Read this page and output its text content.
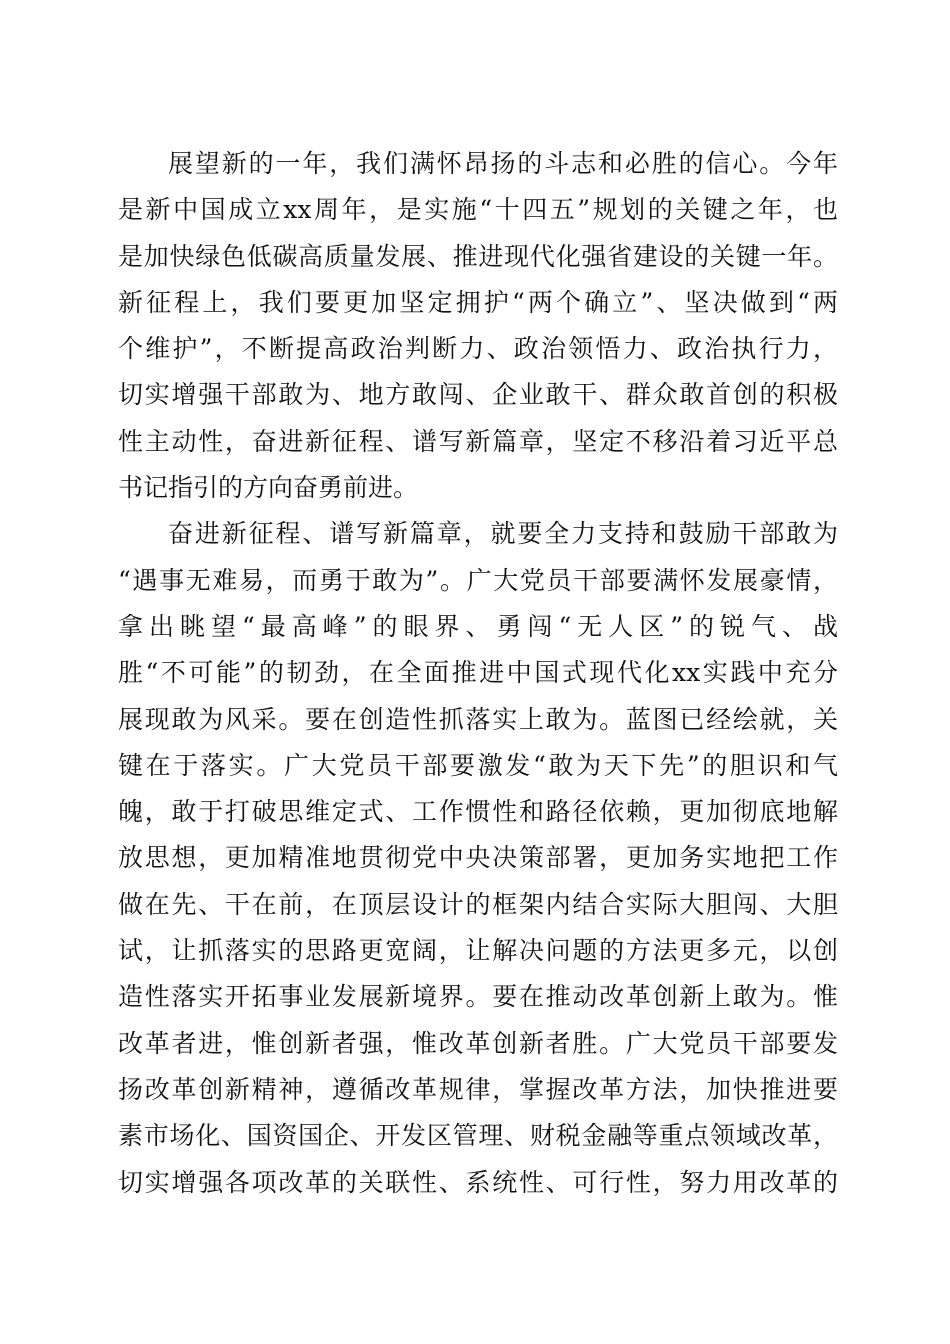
展望新的一年，我们满怀昂扬的斗志和必胜的信心。今年
是新中国成立xx周年，是实施“十四五”规划的关键之年，也
是加快绿色低碳高质量发展、推进现代化强省建设的关键一年。
新征程上，我们要更加坚定拥护“两个确立”、坚决做到“两
个维护”，不断提高政治判断力、政治领悟力、政治执行力，
切实增强干部敢为、地方敢闯、企业敢干、群众敢首创的积极
性主动性，奋进新征程、谱写新篇章，坚定不移沿着习近平总
书记指引的方向奋勇前进。
奋进新征程、谱写新篇章，就要全力支持和鼓励干部敢为
“遇事无难易，而勇于敢为”。广大党员干部要满怀发展豪情，
拿出眺望“最高峰”的眼界、勇闯“无人区”的锐气、战
胜“不可能”的韧劲，在全面推进中国式现代化xx实践中充分
展现敢为风采。要在创造性抓落实上敢为。蓝图已经绘就，关
键在于落实。广大党员干部要激发“敢为天下先”的胆识和气
魄，敢于打破思维定式、工作惯性和路径依赖，更加彻底地解
放思想，更加精准地贯彻党中央决策部署，更加务实地把工作
做在先、干在前，在顶层设计的框架内结合实际大胆闯、大胆
试，让抓落实的思路更宽阔，让解决问题的方法更多元，以创
造性落实开拓事业发展新境界。要在推动改革创新上敢为。惟
改革者进，惟创新者强，惟改革创新者胜。广大党员干部要发
扬改革创新精神，遵循改革规律，掌握改革方法，加快推进要
素市场化、国资国企、开发区管理、财税金融等重点领域改革，
切实增强各项改革的关联性、系统性、可行性，努力用改革的
